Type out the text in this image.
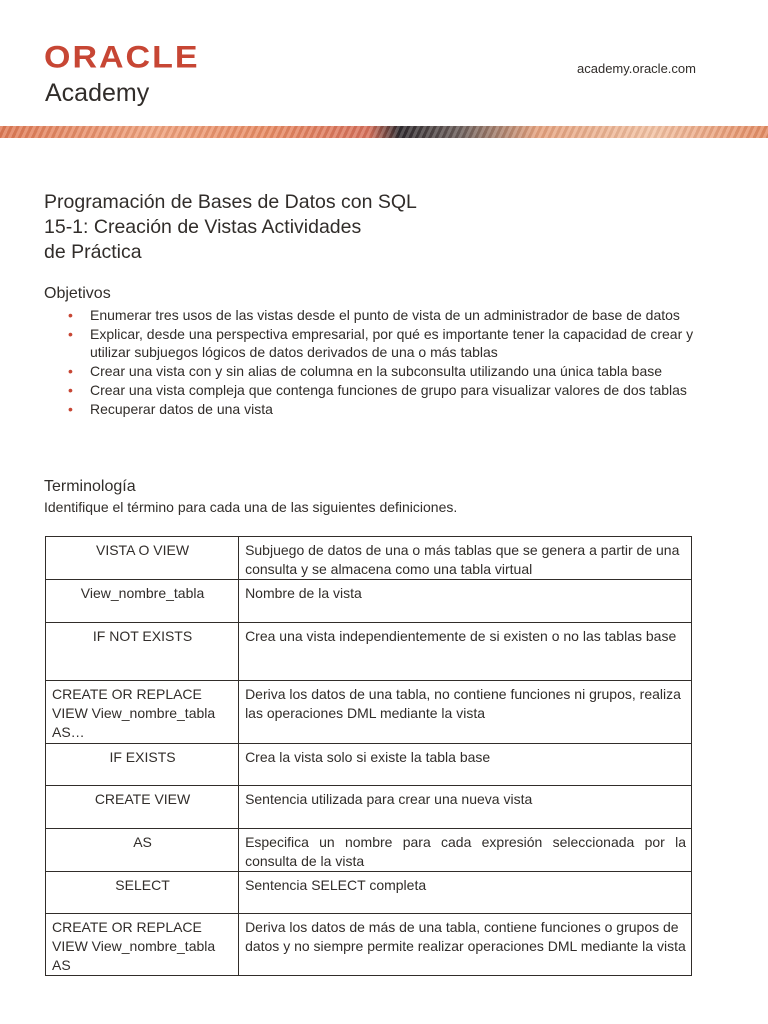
ORACLE
Academy
academy.oracle.com
Programación de Bases de Datos con SQL
15-1: Creación de Vistas Actividades
de Práctica
Objetivos
• Enumerar tres usos de las vistas desde el punto de vista de un administrador de base de datos
• Explicar, desde una perspectiva empresarial, por qué es importante tener la capacidad de crear y utilizar subjuegos lógicos de datos derivados de una o más tablas
• Crear una vista con y sin alias de columna en la subconsulta utilizando una única tabla base
• Crear una vista compleja que contenga funciones de grupo para visualizar valores de dos tablas
• Recuperar datos de una vista
Terminología
Identifique el término para cada una de las siguientes definiciones.
VISTA O VIEW	Subjuego de datos de una o más tablas que se genera a partir de una consulta y se almacena como una tabla virtual
View_nombre_tabla	Nombre de la vista
IF NOT EXISTS	Crea una vista independientemente de si existen o no las tablas base
CREATE OR REPLACE VIEW View_nombre_tabla AS…	Deriva los datos de una tabla, no contiene funciones ni grupos, realiza las operaciones DML mediante la vista
IF EXISTS	Crea la vista solo si existe la tabla base
CREATE VIEW	Sentencia utilizada para crear una nueva vista
AS	Especifica un nombre para cada expresión seleccionada por la consulta de la vista
SELECT	Sentencia SELECT completa
CREATE OR REPLACE VIEW View_nombre_tabla AS	Deriva los datos de más de una tabla, contiene funciones o grupos de datos y no siempre permite realizar operaciones DML mediante la vista
